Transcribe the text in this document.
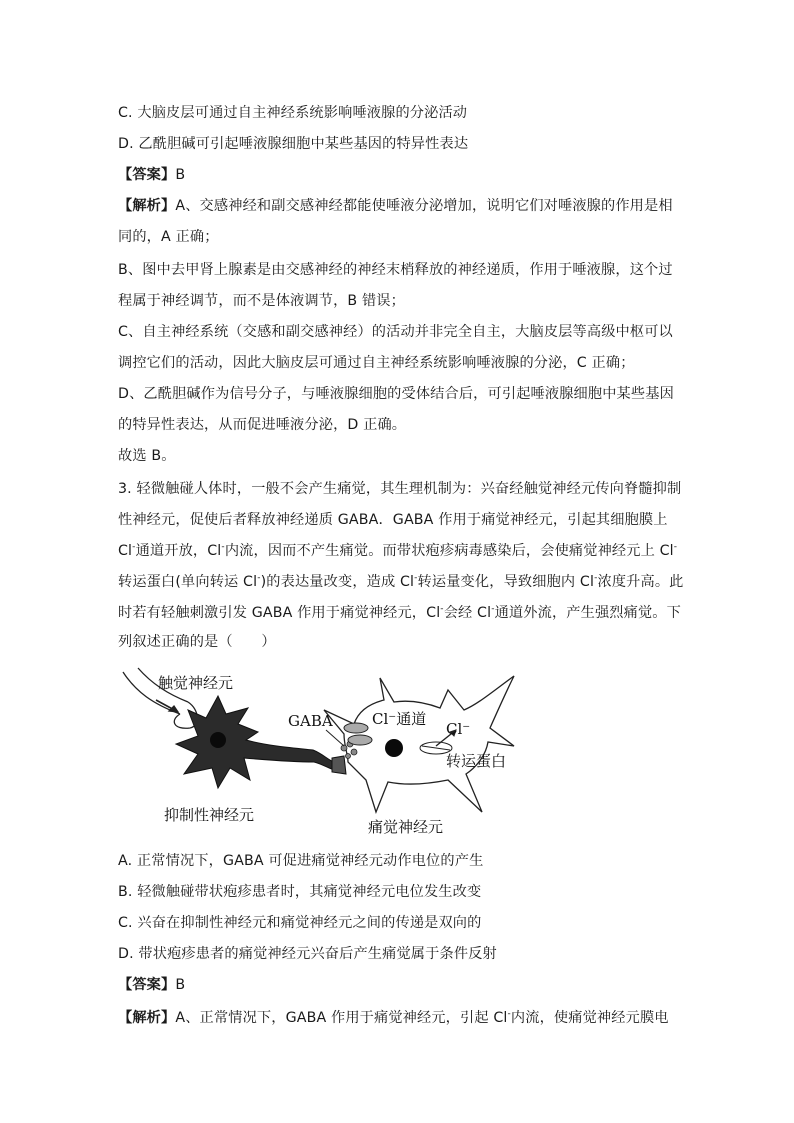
C. 大脑皮层可通过自主神经系统影响唾液腺的分泌活动
D. 乙酰胆碱可引起唾液腺细胞中某些基因的特异性表达
【答案】B
【解析】A、交感神经和副交感神经都能使唾液分泌增加，说明它们对唾液腺的作用是相
同的，A 正确；
B、图中去甲肾上腺素是由交感神经的神经末梢释放的神经递质，作用于唾液腺，这个过
程属于神经调节，而不是体液调节，B 错误；
C、自主神经系统（交感和副交感神经）的活动并非完全自主，大脑皮层等高级中枢可以
调控它们的活动，因此大脑皮层可通过自主神经系统影响唾液腺的分泌，C 正确；
D、乙酰胆碱作为信号分子，与唾液腺细胞的受体结合后，可引起唾液腺细胞中某些基因
的特异性表达，从而促进唾液分泌，D 正确。
故选 B。
3. 轻微触碰人体时，一般不会产生痛觉，其生理机制为：兴奋经触觉神经元传向脊髓抑制
性神经元，促使后者释放神经递质 GABA．GABA 作用于痛觉神经元，引起其细胞膜上
Cl-通道开放，Cl-内流，因而不产生痛觉。而带状疱疹病毒感染后，会使痛觉神经元上 Cl-
转运蛋白(单向转运 Cl-)的表达量改变，造成 Cl-转运量变化，导致细胞内 Cl-浓度升高。此
时若有轻触刺激引发 GABA 作用于痛觉神经元，Cl-会经 Cl-通道外流，产生强烈痛觉。下
列叙述正确的是（　　）
触觉神经元
抑制性神经元
GABA	Cl⁻通道
Cl⁻
转运蛋白
痛觉神经元
A. 正常情况下，GABA 可促进痛觉神经元动作电位的产生
B. 轻微触碰带状疱疹患者时，其痛觉神经元电位发生改变
C. 兴奋在抑制性神经元和痛觉神经元之间的传递是双向的
D. 带状疱疹患者的痛觉神经元兴奋后产生痛觉属于条件反射
【答案】B
【解析】A、正常情况下，GABA 作用于痛觉神经元，引起 Cl-内流，使痛觉神经元膜电
